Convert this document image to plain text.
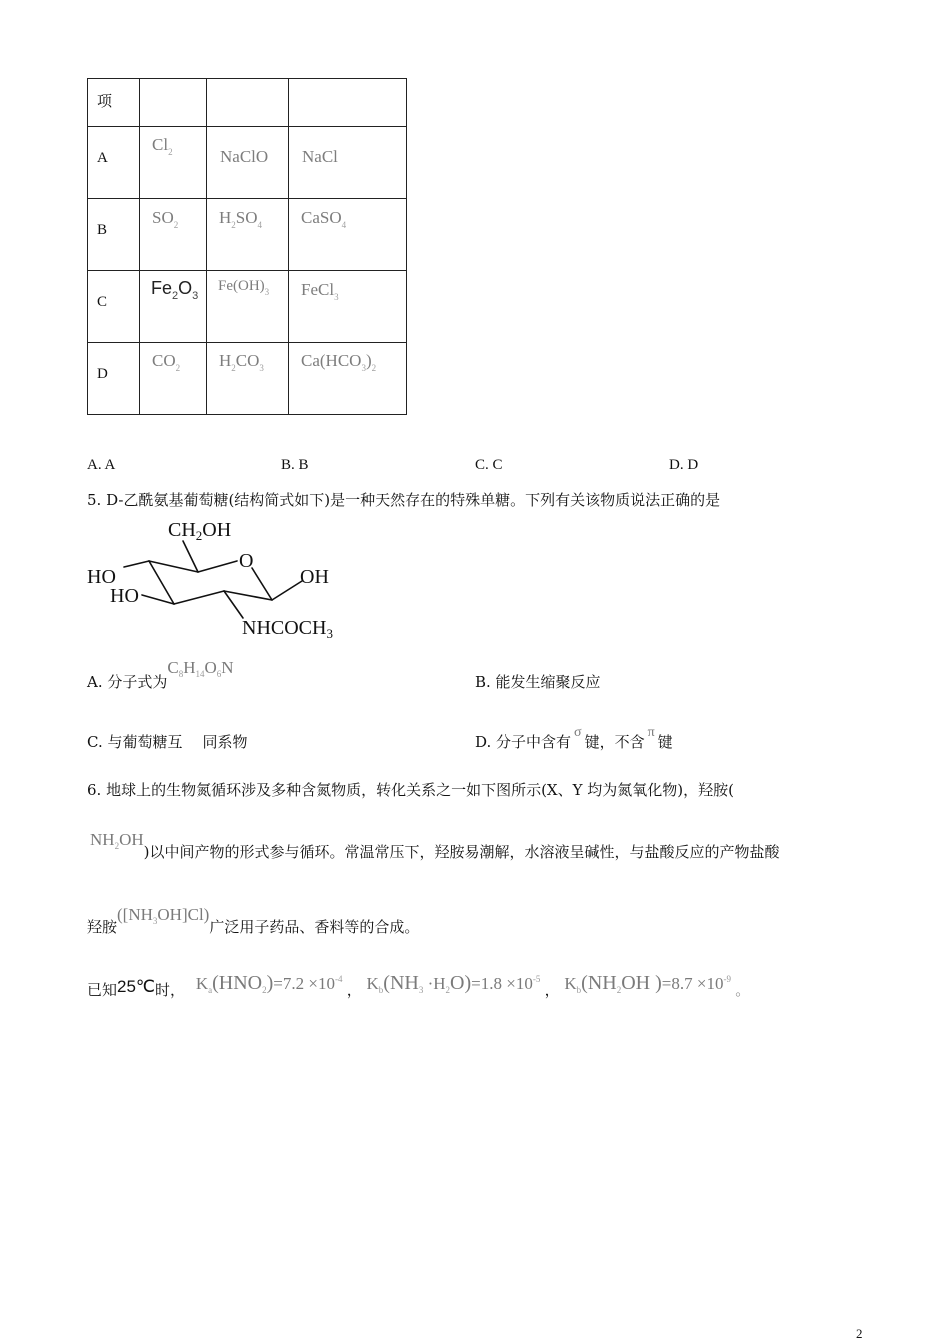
项			

A	$Cl_2$	NaClO	NaCl

B	$SO_2$	$H_2SO_4$	CaSO$_4$

C	$Fe_2O_3$	$Fe(OH)_3$	FeCl$_3$

D	$CO_2$	$H_2CO_3$	$Ca(HCO_3)_2$
A. A	B. B	C. C	D. D
5. D-乙酰氨基葡萄糖(结构简式如下)是一种天然存在的特殊单糖。下列有关该物质说法正确的是
$CH_2OH$
O
HO
HO
OH
$NHCOCH_3$
A. 分子式为$C_8H_{14}O_6N$
B. 能发生缩聚反应
C. 与葡萄糖互 同系物	D. 分子中含有σ键，不含π键
6. 地球上的生物氮循环涉及多种含氮物质，转化关系之一如下图所示(X、Y 均为氮氧化物)，羟胺(
$NH_2OH$)以中间产物的形式参与循环。常温常压下，羟胺易潮解，水溶液呈碱性，与盐酸反应的产物盐酸
羟胺$([NH_3OH]Cl)$广泛用子药品、香料等的合成。
已知25℃时， $K_a(HNO_2)=7.2 \times 10^{-4}$ ， $K_b(NH_3 \cdot H_2O)=1.8 \times 10^{-5}$ ， $K_b(NH_2OH$ )$=8.7 \times 10^{-9}$ 。
2
